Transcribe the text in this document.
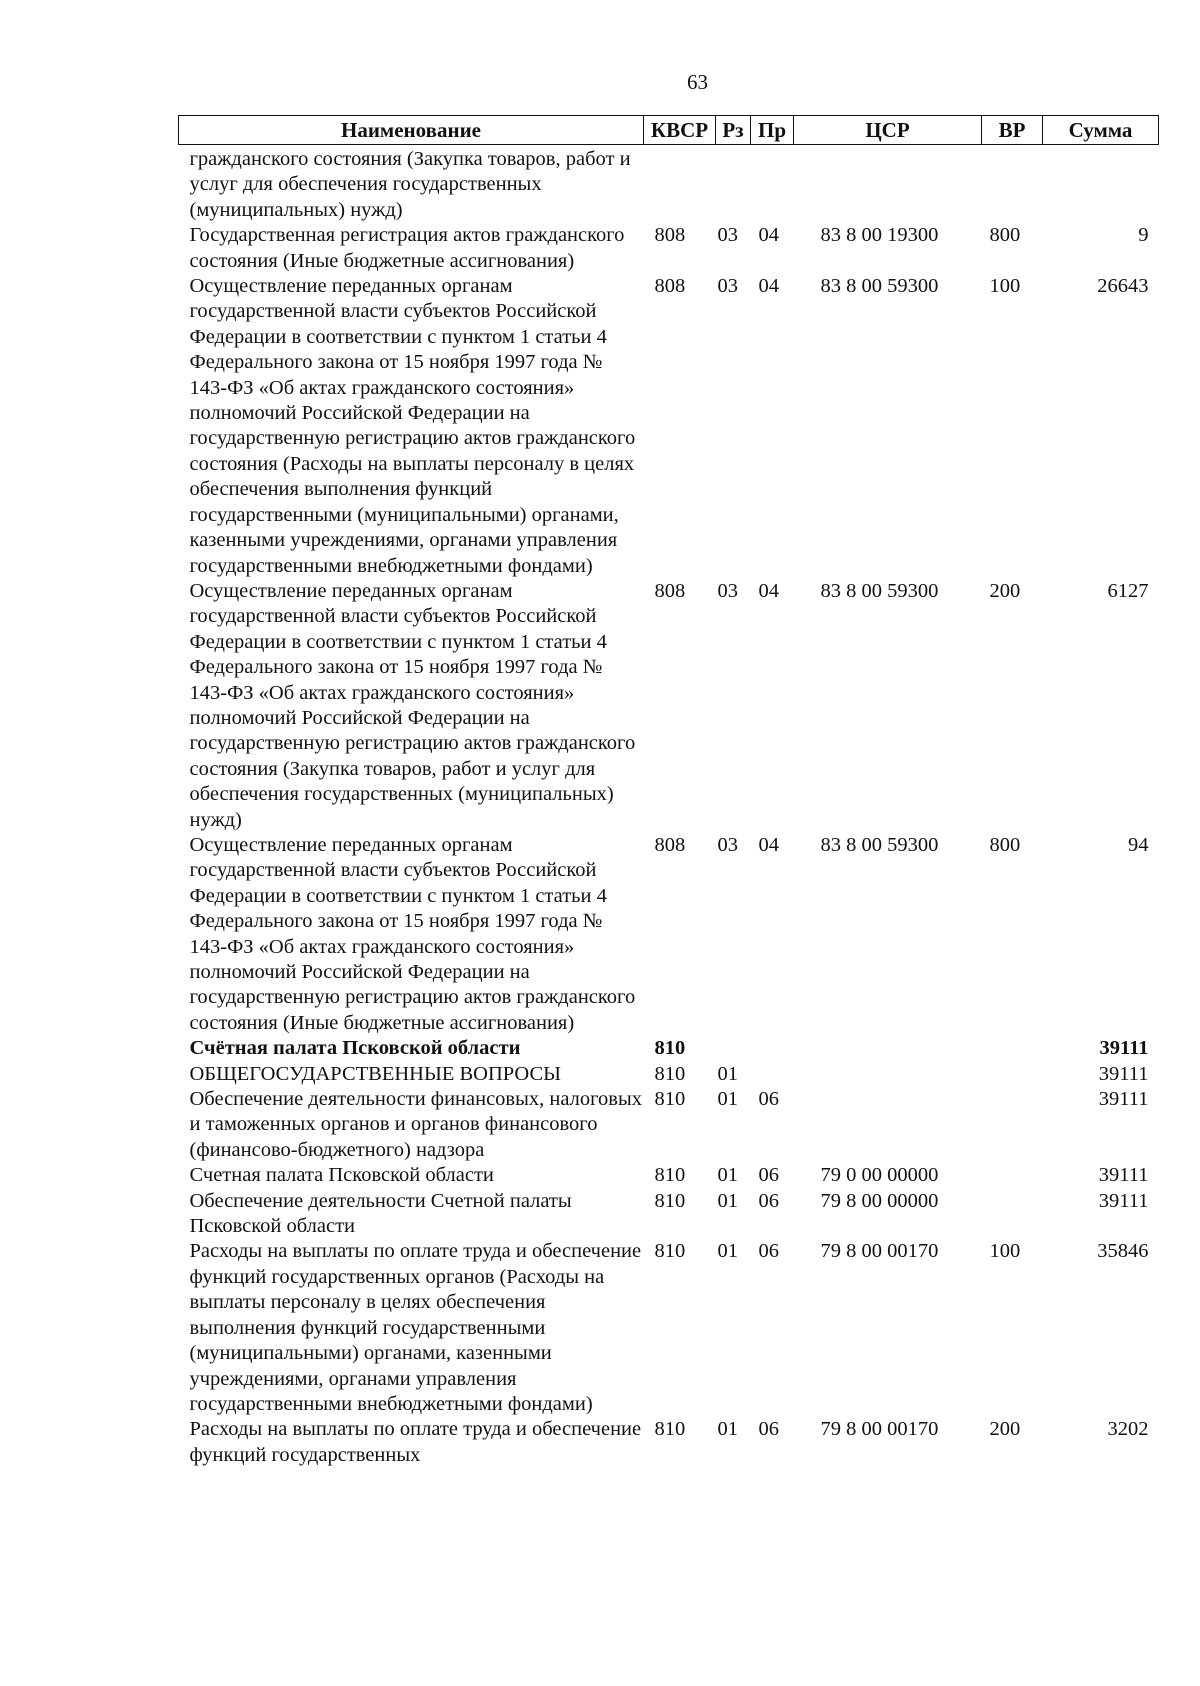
63
Наименование	КВСР	Рз	Пр	ЦСР	ВР	Сумма
гражданского состояния (Закупка товаров, работ и услуг для обеспечения государственных (муниципальных) нужд)						
Государственная регистрация актов гражданского состояния (Иные бюджетные ассигнования)	808	03	04	83 8 00 19300	800	9
Осуществление переданных органам государственной власти субъектов Российской Федерации в соответствии с пунктом 1 статьи 4 Федерального закона от 15 ноября 1997 года № 143-ФЗ «Об актах гражданского состояния» полномочий Российской Федерации на государственную регистрацию актов гражданского состояния (Расходы на выплаты персоналу в целях обеспечения выполнения функций государственными (муниципальными) органами, казенными учреждениями, органами управления государственными внебюджетными фондами)	808	03	04	83 8 00 59300	100	26643
Осуществление переданных органам государственной власти субъектов Российской Федерации в соответствии с пунктом 1 статьи 4 Федерального закона от 15 ноября 1997 года № 143-ФЗ «Об актах гражданского состояния» полномочий Российской Федерации на государственную регистрацию актов гражданского состояния (Закупка товаров, работ и услуг для обеспечения государственных (муниципальных) нужд)	808	03	04	83 8 00 59300	200	6127
Осуществление переданных органам государственной власти субъектов Российской Федерации в соответствии с пунктом 1 статьи 4 Федерального закона от 15 ноября 1997 года № 143-ФЗ «Об актах гражданского состояния» полномочий Российской Федерации на государственную регистрацию актов гражданского состояния (Иные бюджетные ассигнования)	808	03	04	83 8 00 59300	800	94
Счётная палата Псковской области	810					39111
ОБЩЕГОСУДАРСТВЕННЫЕ ВОПРОСЫ	810	01				39111
Обеспечение деятельности финансовых, налоговых и таможенных органов и органов финансового (финансово-бюджетного) надзора	810	01	06			39111
Счетная палата Псковской области	810	01	06	79 0 00 00000		39111
Обеспечение деятельности Счетной палаты Псковской области	810	01	06	79 8 00 00000		39111
Расходы на выплаты по оплате труда и обеспечение функций государственных органов (Расходы на выплаты персоналу в целях обеспечения выполнения функций государственными (муниципальными) органами, казенными учреждениями, органами управления государственными внебюджетными фондами)	810	01	06	79 8 00 00170	100	35846
Расходы на выплаты по оплате труда и обеспечение функций государственных	810	01	06	79 8 00 00170	200	3202
